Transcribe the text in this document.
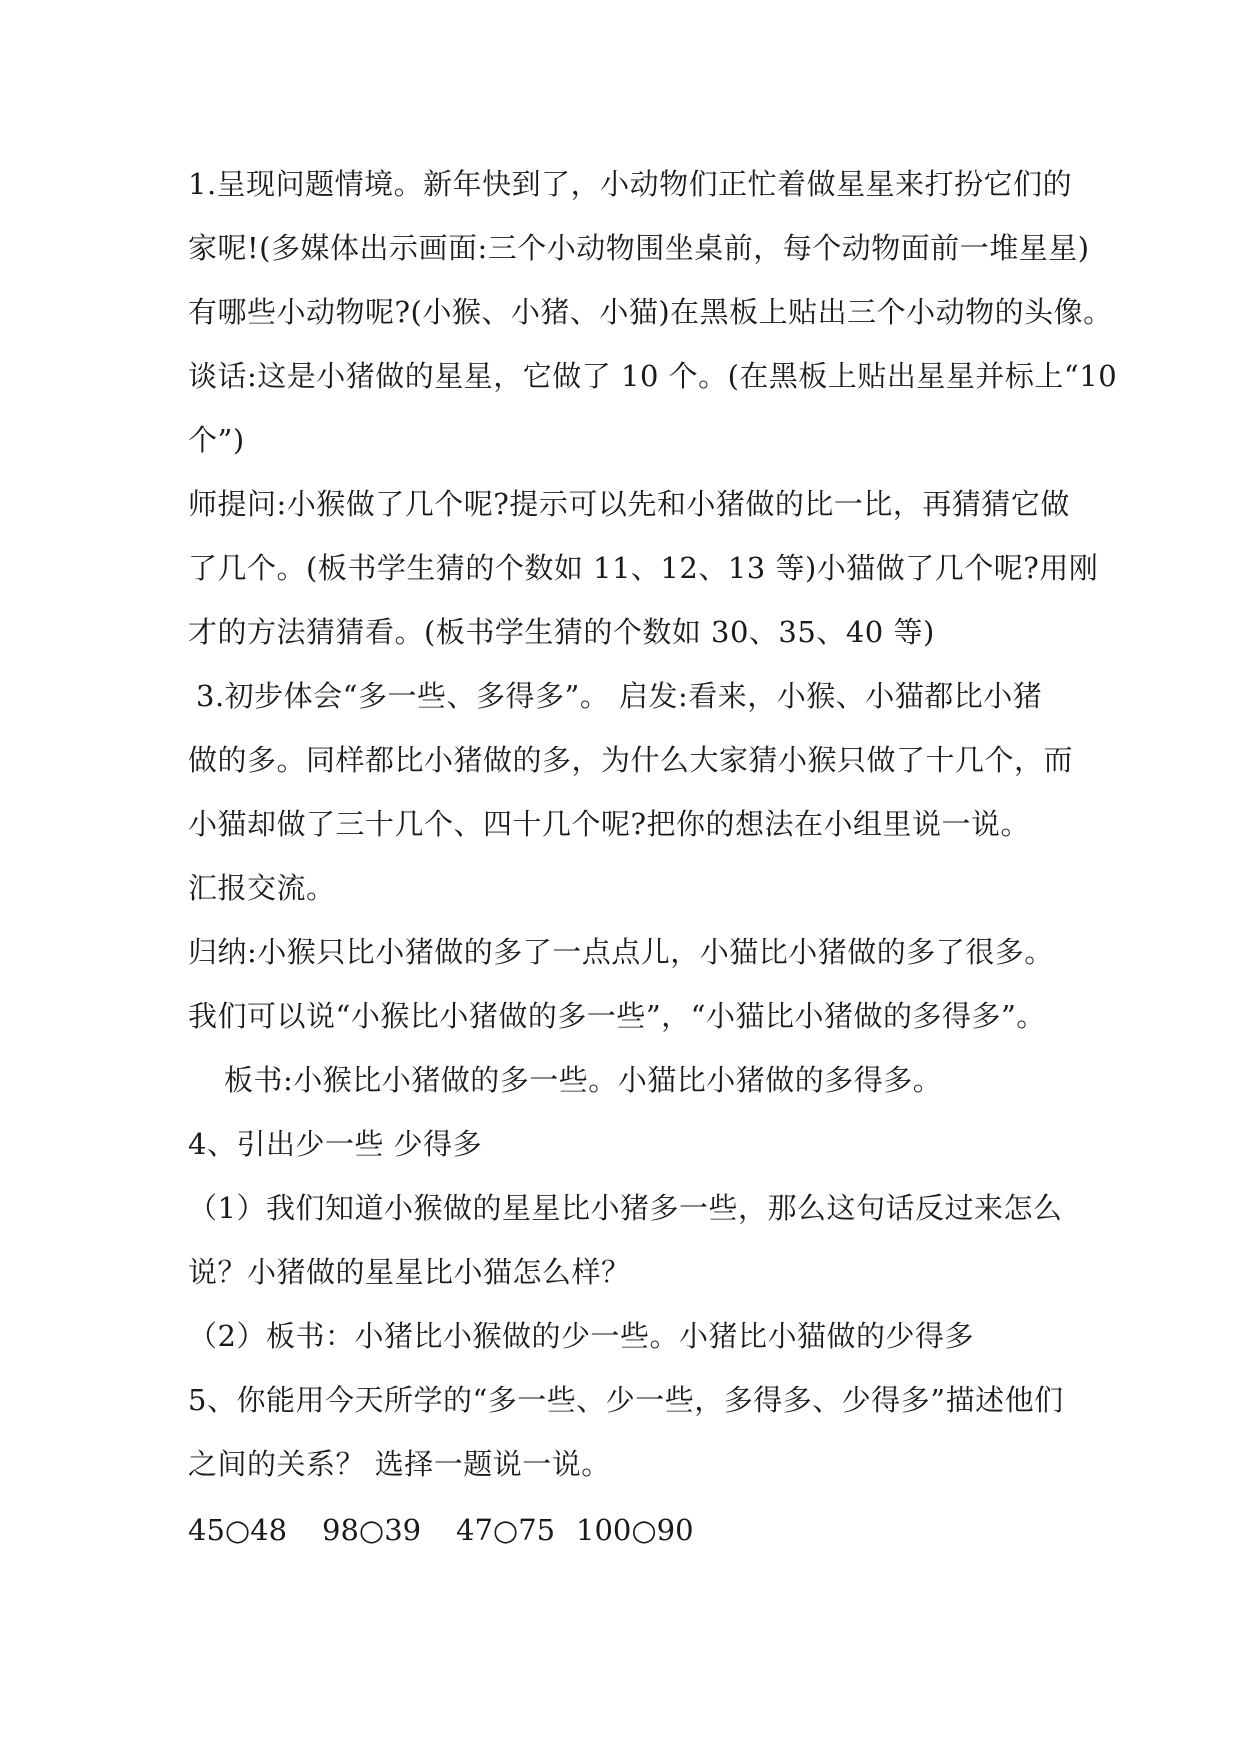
1.呈现问题情境。新年快到了，小动物们正忙着做星星来打扮它们的
家呢!(多媒体出示画面:三个小动物围坐桌前，每个动物面前一堆星星)
有哪些小动物呢?(小猴、小猪、小猫)在黑板上贴出三个小动物的头像。
谈话:这是小猪做的星星，它做了 10 个。(在黑板上贴出星星并标上“10
个”)
师提问:小猴做了几个呢?提示可以先和小猪做的比一比，再猜猜它做
了几个。(板书学生猜的个数如 11、12、13 等)小猫做了几个呢?用刚
才的方法猜猜看。(板书学生猜的个数如 30、35、40 等)
3.初步体会“多一些、多得多”。 启发:看来，小猴、小猫都比小猪
做的多。同样都比小猪做的多，为什么大家猜小猴只做了十几个，而
小猫却做了三十几个、四十几个呢?把你的想法在小组里说一说。
汇报交流。
归纳:小猴只比小猪做的多了一点点儿，小猫比小猪做的多了很多。
我们可以说“小猴比小猪做的多一些”，“小猫比小猪做的多得多”。
板书:小猴比小猪做的多一些。小猫比小猪做的多得多。
4、引出少一些 少得多
（1）我们知道小猴做的星星比小猪多一些，那么这句话反过来怎么
说？小猪做的星星比小猫怎么样？
（2）板书：小猪比小猴做的少一些。小猪比小猫做的少得多
5、你能用今天所学的“多一些、少一些，多得多、少得多”描述他们
之间的关系？ 选择一题说一说。
45○48 98○39 47○75 100○90
